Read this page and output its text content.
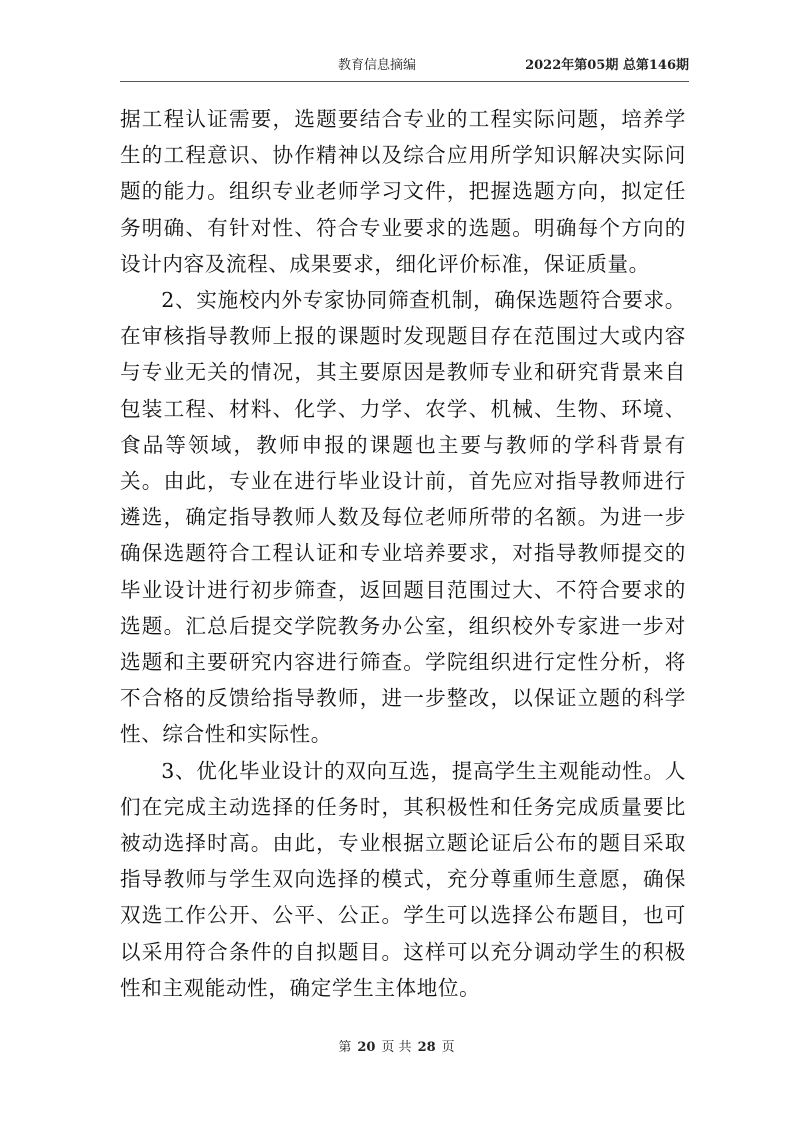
教育信息摘编	2022年第05期 总第146期

据工程认证需要，选题要结合专业的工程实际问题，培养学生的工程意识、协作精神以及综合应用所学知识解决实际问题的能力。组织专业老师学习文件，把握选题方向，拟定任务明确、有针对性、符合专业要求的选题。明确每个方向的设计内容及流程、成果要求，细化评价标准，保证质量。

2、实施校内外专家协同筛查机制，确保选题符合要求。在审核指导教师上报的课题时发现题目存在范围过大或内容与专业无关的情况，其主要原因是教师专业和研究背景来自包装工程、材料、化学、力学、农学、机械、生物、环境、食品等领域，教师申报的课题也主要与教师的学科背景有关。由此，专业在进行毕业设计前，首先应对指导教师进行遴选，确定指导教师人数及每位老师所带的名额。为进一步确保选题符合工程认证和专业培养要求，对指导教师提交的毕业设计进行初步筛查，返回题目范围过大、不符合要求的选题。汇总后提交学院教务办公室，组织校外专家进一步对选题和主要研究内容进行筛查。学院组织进行定性分析，将不合格的反馈给指导教师，进一步整改，以保证立题的科学性、综合性和实际性。

3、优化毕业设计的双向互选，提高学生主观能动性。人们在完成主动选择的任务时，其积极性和任务完成质量要比被动选择时高。由此，专业根据立题论证后公布的题目采取指导教师与学生双向选择的模式，充分尊重师生意愿，确保双选工作公开、公平、公正。学生可以选择公布题目，也可以采用符合条件的自拟题目。这样可以充分调动学生的积极性和主观能动性，确定学生主体地位。

第 20 页 共 28 页
